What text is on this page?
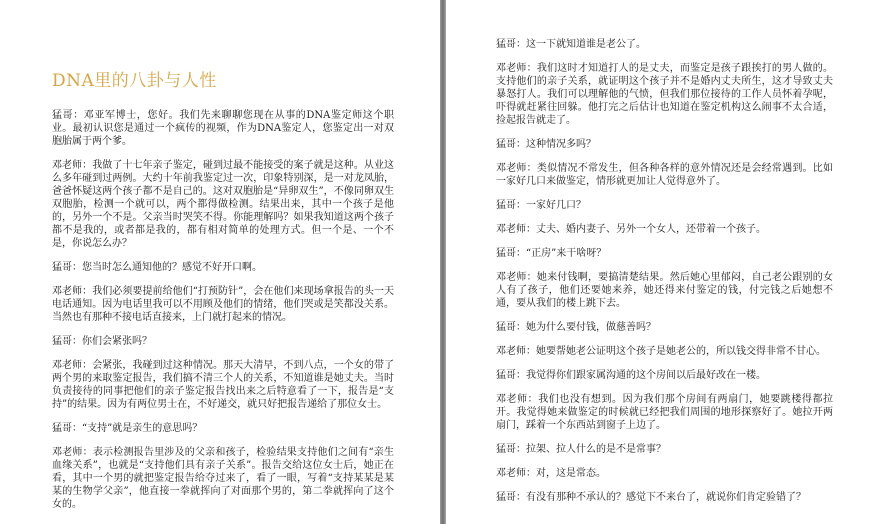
DNA里的八卦与人性

猛哥：邓亚军博士，您好。我们先来聊聊您现在从事的DNA鉴定师这个职业。最初认识您是通过一个疯传的视频，作为DNA鉴定人，您鉴定出一对双胞胎属于两个爹。

邓老师：我做了十七年亲子鉴定，碰到过最不能接受的案子就是这种。从业这么多年碰到过两例。大约十年前我鉴定过一次，印象特别深，是一对龙凤胎，爸爸怀疑这两个孩子都不是自己的。这对双胞胎是“异卵双生”，不像同卵双生双胞胎，检测一个就可以，两个都得做检测。结果出来，其中一个孩子是他的，另外一个不是。父亲当时哭笑不得。你能理解吗？如果我知道这两个孩子都不是我的，或者都是我的，都有相对简单的处理方式。但一个是、一个不是，你说怎么办？

猛哥：您当时怎么通知他的？感觉不好开口啊。

邓老师：我们必须要提前给他们“打预防针”，会在他们来现场拿报告的头一天电话通知。因为电话里我可以不用顾及他们的情绪，他们哭或是笑都没关系。当然也有那种不接电话直接来，上门就打起来的情况。

猛哥：你们会紧张吗？

邓老师：会紧张，我碰到过这种情况。那天大清早，不到八点，一个女的带了两个男的来取鉴定报告，我们搞不清三个人的关系，不知道谁是她丈夫。当时负责接待的同事把他们的亲子鉴定报告找出来之后特意看了一下，报告是“支持”的结果。因为有两位男士在，不好递交，就只好把报告递给了那位女士。

猛哥：“支持”就是亲生的意思吗？

邓老师：表示检测报告里涉及的父亲和孩子，检验结果支持他们之间有“亲生血缘关系”，也就是“支持他们具有亲子关系”。报告交给这位女士后，她正在看，其中一个男的就把鉴定报告给夺过来了，看了一眼，写着“支持某某是某某的生物学父亲”，他直接一拳就挥向了对面那个男的，第二拳就挥向了这个女的。

猛哥：这一下就知道谁是老公了。

邓老师：我们这时才知道打人的是丈夫，而鉴定是孩子跟挨打的男人做的。支持他们的亲子关系，就证明这个孩子并不是婚内丈夫所生，这才导致丈夫暴怒打人。我们可以理解他的气愤，但我们那位接待的工作人员怀着孕呢，吓得就赶紧往回躲。他打完之后估计也知道在鉴定机构这么闹事不太合适，捡起报告就走了。

猛哥：这种情况多吗？

邓老师：类似情况不常发生，但各种各样的意外情况还是会经常遇到。比如一家好几口来做鉴定，情形就更加让人觉得意外了。

猛哥：一家好几口？

邓老师：丈夫、婚内妻子、另外一个女人，还带着一个孩子。

猛哥：“正房”来干啥呀？

邓老师：她来付钱啊，要搞清楚结果。然后她心里郁闷，自己老公跟别的女人有了孩子，他们还要她来养，她还得来付鉴定的钱，付完钱之后她想不通，要从我们的楼上跳下去。

猛哥：她为什么要付钱，做慈善吗？

邓老师：她要帮她老公证明这个孩子是她老公的，所以钱交得非常不甘心。

猛哥：我觉得你们跟家属沟通的这个房间以后最好改在一楼。

邓老师：我们也没有想到。因为我们那个房间有两扇门，她要跳楼得都拉开。我觉得她来做鉴定的时候就已经把我们周围的地形探察好了。她拉开两扇门，踩着一个东西站到窗子上边了。

猛哥：拉架、拉人什么的是不是常事？

邓老师：对，这是常态。

猛哥：有没有那种不承认的？感觉下不来台了，就说你们肯定验错了？
